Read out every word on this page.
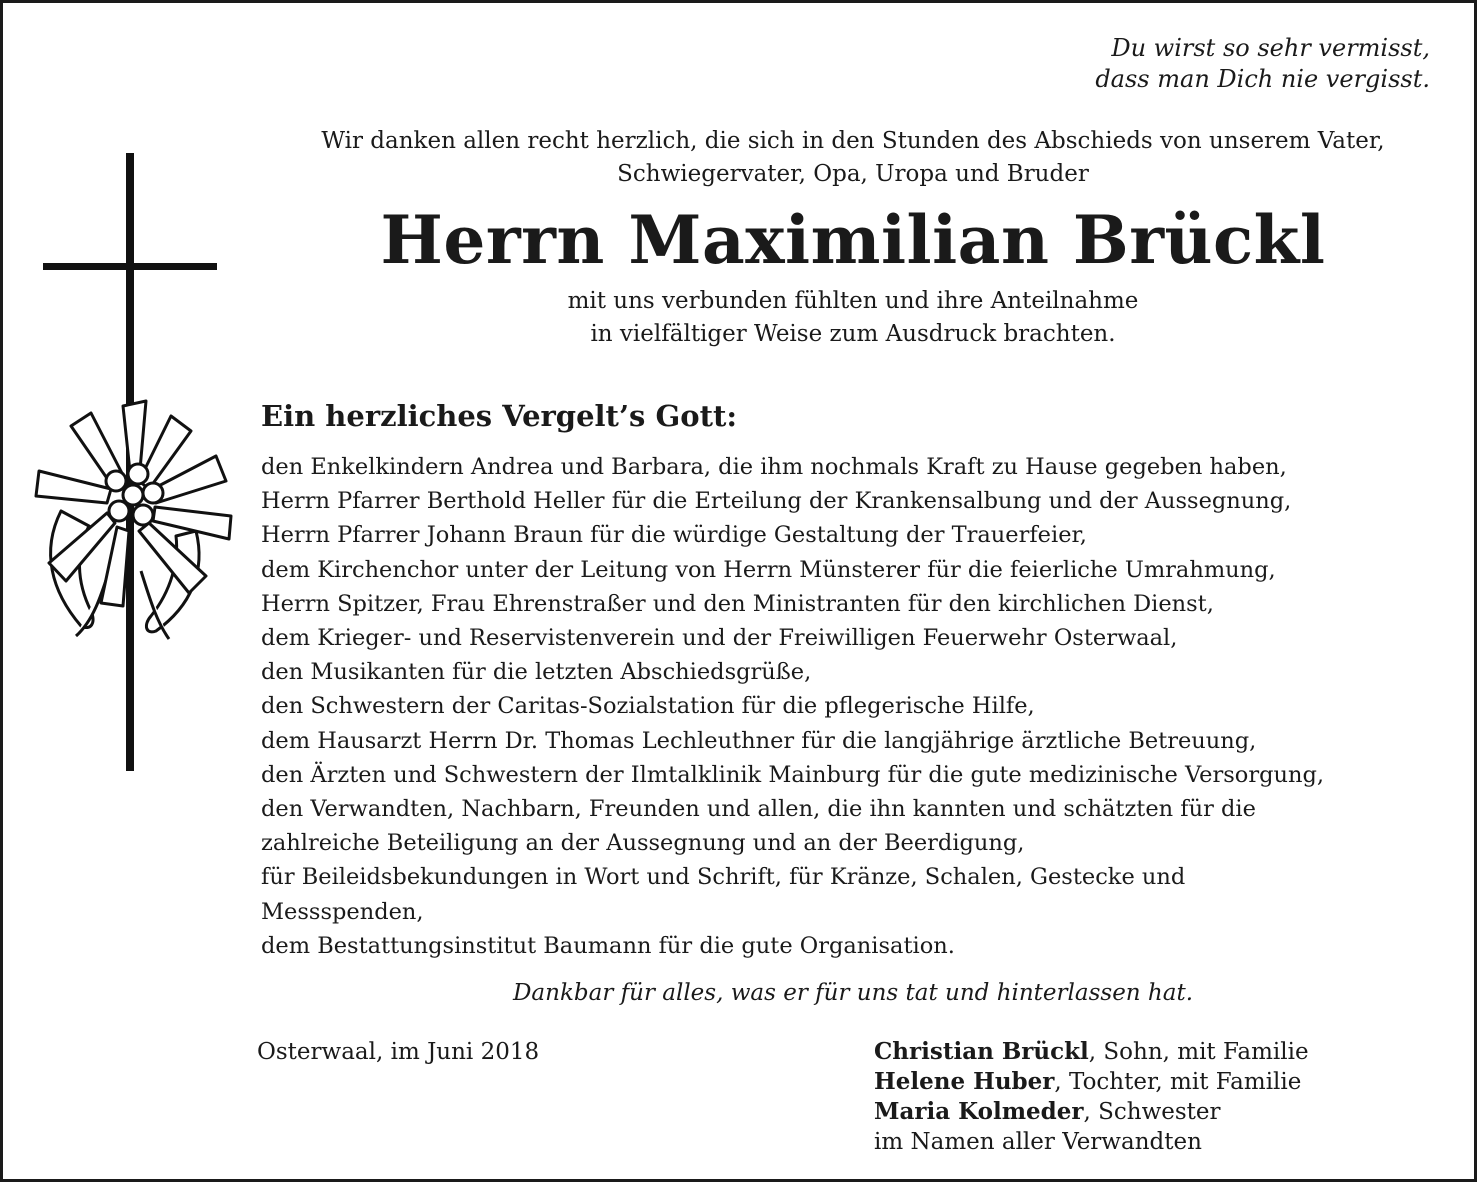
Du wirst so sehr vermisst,
dass man Dich nie vergisst.
Wir danken allen recht herzlich, die sich in den Stunden des Abschieds von unserem Vater,
Schwiegervater, Opa, Uropa und Bruder
Herrn Maximilian Brückl
mit uns verbunden fühlten und ihre Anteilnahme
in vielfältiger Weise zum Ausdruck brachten.
Ein herzliches Vergelt’s Gott:
den Enkelkindern Andrea und Barbara, die ihm nochmals Kraft zu Hause gegeben haben,
Herrn Pfarrer Berthold Heller für die Erteilung der Krankensalbung und der Aussegnung,
Herrn Pfarrer Johann Braun für die würdige Gestaltung der Trauerfeier,
dem Kirchenchor unter der Leitung von Herrn Münsterer für die feierliche Umrahmung,
Herrn Spitzer, Frau Ehrenstraßer und den Ministranten für den kirchlichen Dienst,
dem Krieger- und Reservistenverein und der Freiwilligen Feuerwehr Osterwaal,
den Musikanten für die letzten Abschiedsgrüße,
den Schwestern der Caritas-Sozialstation für die pflegerische Hilfe,
dem Hausarzt Herrn Dr. Thomas Lechleuthner für die langjährige ärztliche Betreuung,
den Ärzten und Schwestern der Ilmtalklinik Mainburg für die gute medizinische Versorgung,
den Verwandten, Nachbarn, Freunden und allen, die ihn kannten und schätzten für die
zahlreiche Beteiligung an der Aussegnung und an der Beerdigung,
für Beileidsbekundungen in Wort und Schrift, für Kränze, Schalen, Gestecke und
Messspenden,
dem Bestattungsinstitut Baumann für die gute Organisation.
Dankbar für alles, was er für uns tat und hinterlassen hat.
Osterwaal, im Juni 2018	Christian Brückl, Sohn, mit Familie
Helene Huber, Tochter, mit Familie
Maria Kolmeder, Schwester
im Namen aller Verwandten
